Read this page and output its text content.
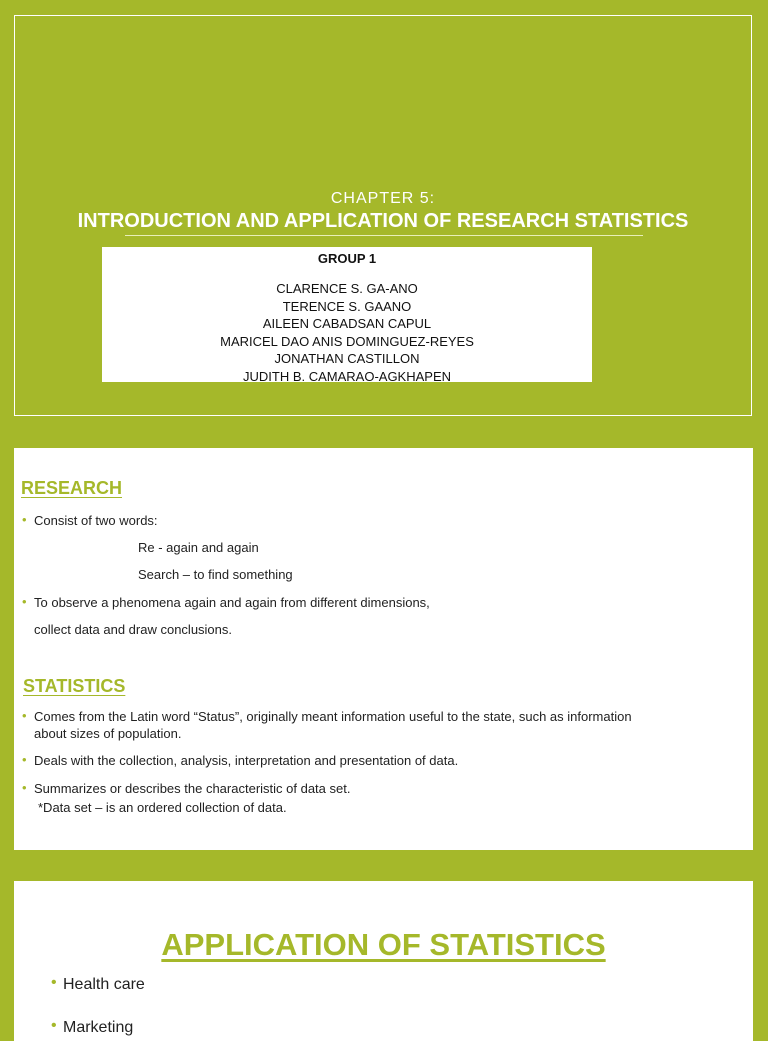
CHAPTER 5:
INTRODUCTION AND APPLICATION OF RESEARCH STATISTICS
GROUP 1
CLARENCE S. GA-ANO
TERENCE S. GAANO
AILEEN CABADSAN CAPUL
MARICEL DAO ANIS DOMINGUEZ-REYES
JONATHAN CASTILLON
JUDITH B. CAMARAO-AGKHAPEN
RESEARCH
• Consist of two words:
Re - again and again
Search – to find something
• To observe a phenomena again and again from different dimensions,
collect data and draw conclusions.
STATISTICS
• Comes from the Latin word “Status”, originally meant information useful to the state, such as information
about sizes of population.
• Deals with the collection, analysis, interpretation and presentation of data.
• Summarizes or describes the characteristic of data set.
*Data set – is an ordered collection of data.
APPLICATION OF STATISTICS
• Health care
• Marketing
